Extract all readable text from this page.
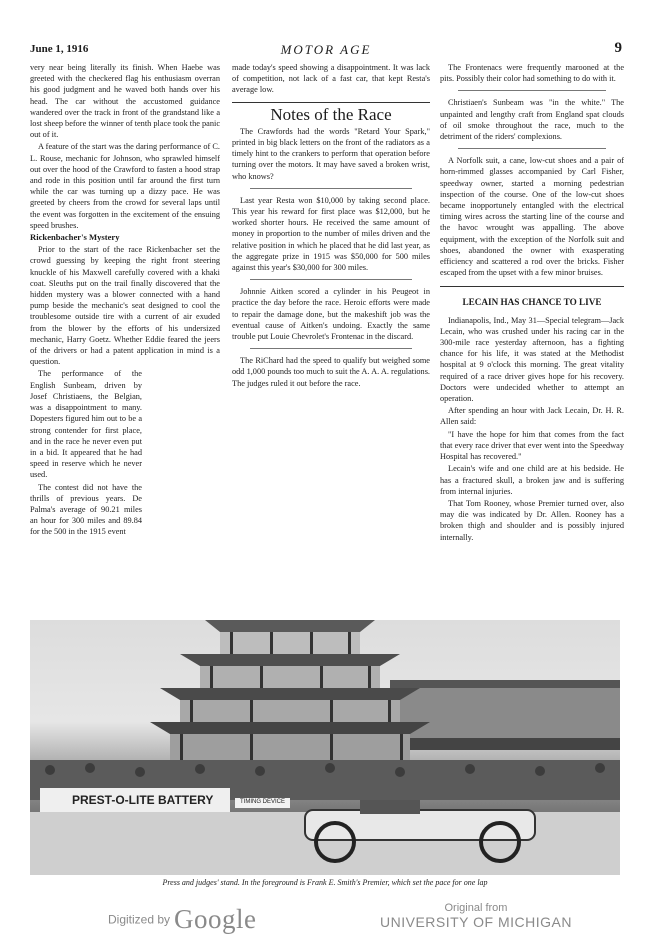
June 1, 1916	MOTOR AGE	9

very near being literally its finish. When Haebe was greeted with the checkered flag his enthusiasm overran his good judgment and he waved both hands over his head. The car without the accustomed guidance wandered over the track in front of the grandstand like a lost sheep before the winner of tenth place took the panic out of it.

A feature of the start was the daring performance of C. L. Rouse, mechanic for Johnson, who sprawled himself out over the hood of the Crawford to fasten a hood strap and rode in this position until far around the first turn while the car was turning up a dizzy pace. He was greeted by cheers from the crowd for several laps until the event was forgotten in the excitement of the ensuing speed brushes.

Rickenbacher's Mystery

Prior to the start of the race Rickenbacher set the crowd guessing by keeping the right front steering knuckle of his Maxwell carefully covered with a khaki coat. Sleuths put on the trail finally discovered that the hidden mystery was a blower connected with a hand pump beside the mechanic's seat designed to cool the troublesome outside tire with a current of air exuded from the blower by the efforts of his undersized mechanic, Harry Goetz. Whether Eddie feared the jeers of the drivers or had a patent application in mind is a question.

The performance of the English Sunbeam, driven by Josef Christiaens, the Belgian, was a disappointment to many. Dopesters figured him out to be a strong contender for first place, and in the race he never even put in a bid. It appeared that he had speed in reserve which he never used.

The contest did not have the thrills of previous years. De Palma's average of 90.21 miles an hour for 300 miles and 89.84 for the 500 in the 1915 event

made today's speed showing a disappointment. It was lack of competition, not lack of a fast car, that kept Resta's average low.

Notes of the Race

The Crawfords had the words "Retard Your Spark," printed in big black letters on the front of the radiators as a timely hint to the crankers to perform that operation before turning over the motors. It may have saved a broken wrist, who knows?

Last year Resta won $10,000 by taking second place. This year his reward for first place was $12,000, but he worked shorter hours. He received the same amount of money in proportion to the number of miles driven and the relative position in which he placed that he did last year, as the aggregate prize in 1915 was $50,000 for 500 miles against this year's $30,000 for 300 miles.

Johnnie Aitken scored a cylinder in his Peugeot in practice the day before the race. Heroic efforts were made to repair the damage done, but the makeshift job was the eventual cause of Aitken's undoing. Exactly the same trouble put Louie Chevrolet's Frontenac in the discard.

The RiChard had the speed to qualify but weighed some odd 1,000 pounds too much to suit the A. A. A. regulations. The judges ruled it out before the race.

The Frontenacs were frequently marooned at the pits. Possibly their color had something to do with it.

Christiaen's Sunbeam was "in the white." The unpainted and lengthy craft from England spat clouds of oil smoke throughout the race, much to the detriment of the riders' complexions.

A Norfolk suit, a cane, low-cut shoes and a pair of horn-rimmed glasses accompanied by Carl Fisher, speedway owner, started a morning pedestrian inspection of the course. One of the low-cut shoes became inopportunely entangled with the electrical timing wires across the starting line of the course and the havoc wrought was appalling. The above equipment, with the exception of the Norfolk suit and shoes, abandoned the owner with exasperating efficiency and scattered a rod over the bricks. Fisher escaped from the upset with a few minor bruises.

LECAIN HAS CHANCE TO LIVE

Indianapolis, Ind., May 31—Special telegram—Jack Lecain, who was crushed under his racing car in the 300-mile race yesterday afternoon, has a fighting chance for his life, it was stated at the Methodist hospital at 9 o'clock this morning. The great vitality required of a race driver gives hope for his recovery. Doctors were undecided whether to attempt an operation.

After spending an hour with Jack Lecain, Dr. H. R. Allen said:

"I have the hope for him that comes from the fact that every race driver that ever went into the Speedway Hospital has recovered."

Lecain's wife and one child are at his bedside. He has a fractured skull, a broken jaw and is suffering from internal injuries.

That Tom Rooney, whose Premier turned over, also may die was indicated by Dr. Allen. Rooney has a broken thigh and shoulder and is possibly injured internally.

PREST-O-LITE BATTERY	TIMING DEVICE
Press and judges' stand. In the foreground is Frank E. Smith's Premier, which set the pace for one lap
Digitized by Google	Original from
UNIVERSITY OF MICHIGAN
